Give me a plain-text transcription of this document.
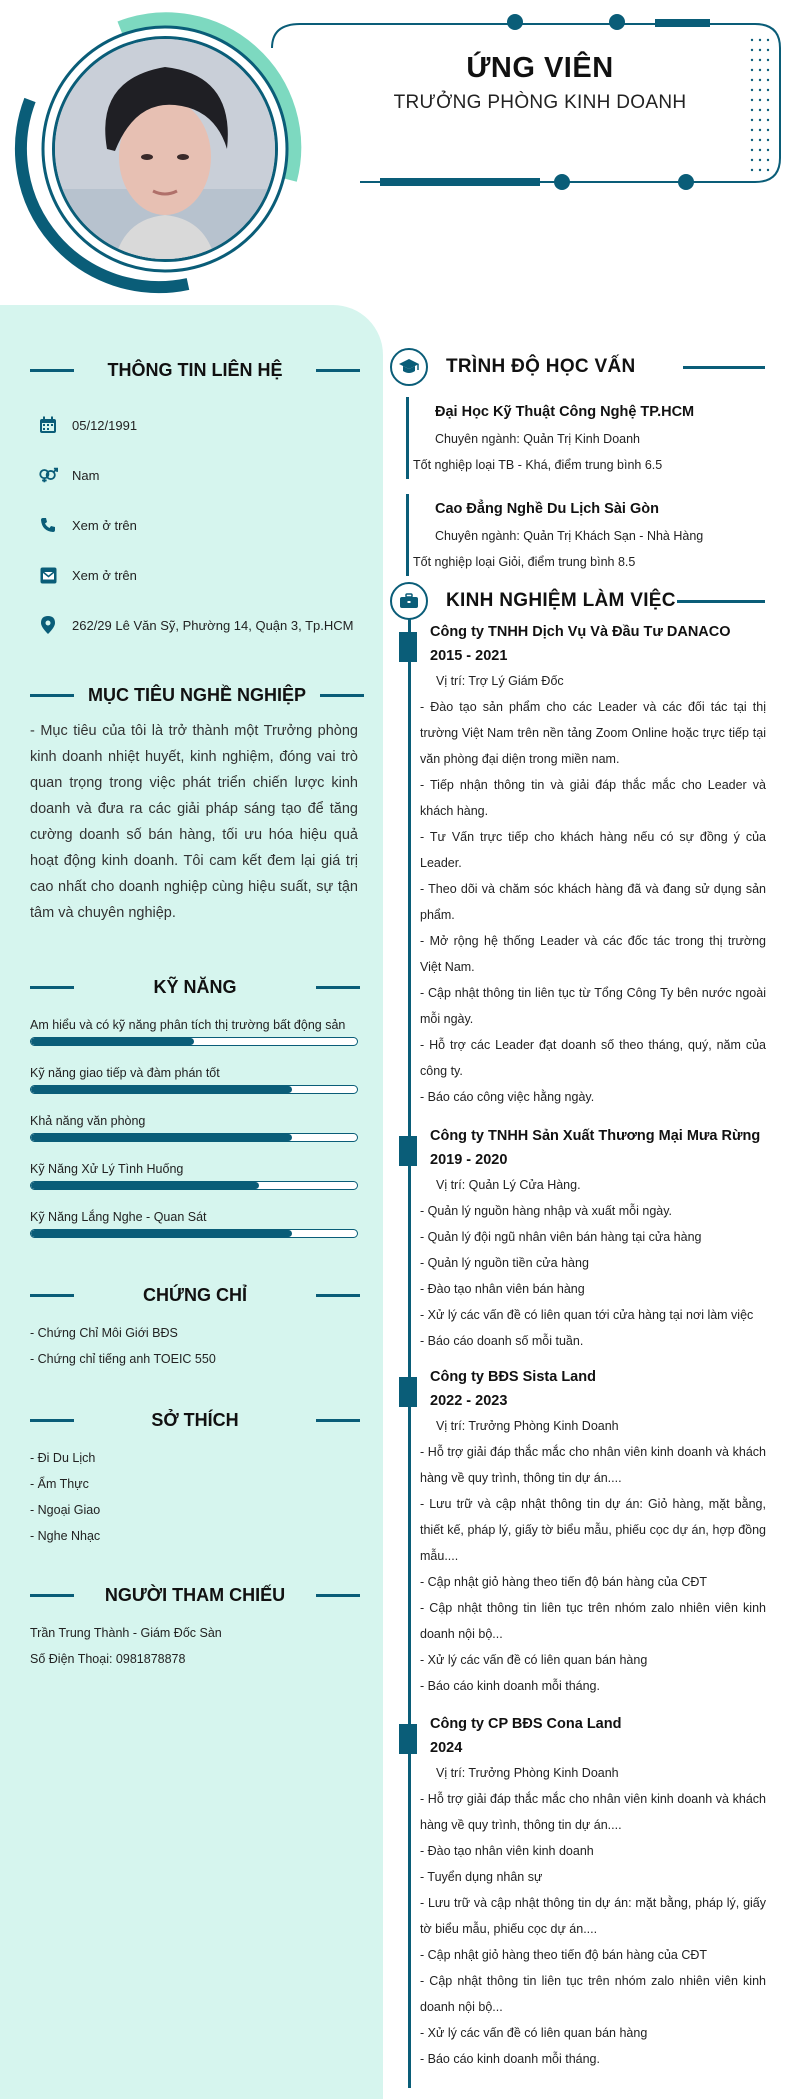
ỨNG VIÊN
TRƯỞNG PHÒNG KINH DOANH
THÔNG TIN LIÊN HỆ
05/12/1991
Nam
Xem ở trên
Xem ở trên
262/29 Lê Văn Sỹ, Phường 14, Quận 3, Tp.HCM
MỤC TIÊU NGHỀ NGHIỆP
- Mục tiêu của tôi là trở thành một Trưởng phòng kinh doanh nhiệt huyết, kinh nghiệm, đóng vai trò quan trọng trong việc phát triển chiến lược kinh doanh và đưa ra các giải pháp sáng tạo để tăng cường doanh số bán hàng, tối ưu hóa hiệu quả hoạt động kinh doanh. Tôi cam kết đem lại giá trị cao nhất cho doanh nghiệp cùng hiệu suất, sự tận tâm và chuyên nghiệp.
KỸ NĂNG
Am hiểu và có kỹ năng phân tích thị trường bất động sản
Kỹ năng giao tiếp và đàm phán tốt
Khả năng văn phòng
Kỹ Năng Xử Lý Tình Huống
Kỹ Năng Lắng Nghe - Quan Sát
CHỨNG CHỈ
- Chứng Chỉ Môi Giới BĐS
- Chứng chỉ tiếng anh TOEIC 550
SỞ THÍCH
- Đi Du Lịch
- Ẩm Thực
- Ngoại Giao
- Nghe Nhạc
NGƯỜI THAM CHIẾU
Trần Trung Thành - Giám Đốc Sàn
Số Điện Thoại: 0981878878
TRÌNH ĐỘ HỌC VẤN
Đại Học Kỹ Thuật Công Nghệ TP.HCM
Chuyên ngành: Quản Trị Kinh Doanh
Tốt nghiệp loại TB - Khá, điểm trung bình 6.5
Cao Đẳng Nghề Du Lịch Sài Gòn
Chuyên ngành: Quản Trị Khách Sạn - Nhà Hàng
Tốt nghiệp loại Giỏi, điểm trung bình 8.5
KINH NGHIỆM LÀM VIỆC
Công ty TNHH Dịch Vụ Và Đầu Tư DANACO
2015 - 2021
Vị trí: Trợ Lý Giám Đốc
- Đào tạo sản phẩm cho các Leader và các đối tác tại thị trường Việt Nam trên nền tảng Zoom Online hoặc trực tiếp tại văn phòng đại diện trong miền nam.
- Tiếp nhận thông tin và giải đáp thắc mắc cho Leader và khách hàng.
- Tư Vấn trực tiếp cho khách hàng nếu có sự đồng ý của Leader.
- Theo dõi và chăm sóc khách hàng đã và đang sử dụng sản phẩm.
- Mở rộng hệ thống Leader và các đốc tác trong thị trường Việt Nam.
- Cập nhật thông tin liên tục từ Tổng Công Ty bên nước ngoài mỗi ngày.
- Hỗ trợ các Leader đạt doanh số theo tháng, quý, năm của công ty.
- Báo cáo công việc hằng ngày.
Công ty TNHH Sản Xuất Thương Mại Mưa Rừng
2019 - 2020
Vị trí: Quản Lý Cửa Hàng.
- Quản lý nguồn hàng nhập và xuất mỗi ngày.
- Quản lý đội ngũ nhân viên bán hàng tại cửa hàng
- Quản lý nguồn tiền cửa hàng
- Đào tạo nhân viên bán hàng
- Xử lý các vấn đề có liên quan tới cửa hàng tại nơi làm việc
- Báo cáo doanh số mỗi tuần.
Công ty BĐS Sista Land
2022 - 2023
Vị trí: Trưởng Phòng Kinh Doanh
- Hỗ trợ giải đáp thắc mắc cho nhân viên kinh doanh và khách hàng về quy trình, thông tin dự án....
- Lưu trữ và cập nhật thông tin dự án: Giỏ hàng, mặt bằng, thiết kế, pháp lý, giấy tờ biểu mẫu, phiếu cọc dự án, hợp đồng mẫu....
- Cập nhật giỏ hàng theo tiến độ bán hàng của CĐT
- Cập nhật thông tin liên tục trên nhóm zalo nhiên viên kinh doanh nội bộ...
- Xử lý các vấn đề có liên quan bán hàng
- Báo cáo kinh doanh mỗi tháng.
Công ty CP BĐS Cona Land
2024
Vị trí: Trưởng Phòng Kinh Doanh
- Hỗ trợ giải đáp thắc mắc cho nhân viên kinh doanh và khách hàng về quy trình, thông tin dự án....
- Đào tạo nhân viên kinh doanh
- Tuyển dụng nhân sự
- Lưu trữ và cập nhật thông tin dự án: mặt bằng, pháp lý, giấy tờ biểu mẫu, phiếu cọc dự án....
- Cập nhật giỏ hàng theo tiến độ bán hàng của CĐT
- Cập nhật thông tin liên tục trên nhóm zalo nhiên viên kinh doanh nội bộ...
- Xử lý các vấn đề có liên quan bán hàng
- Báo cáo kinh doanh mỗi tháng.
